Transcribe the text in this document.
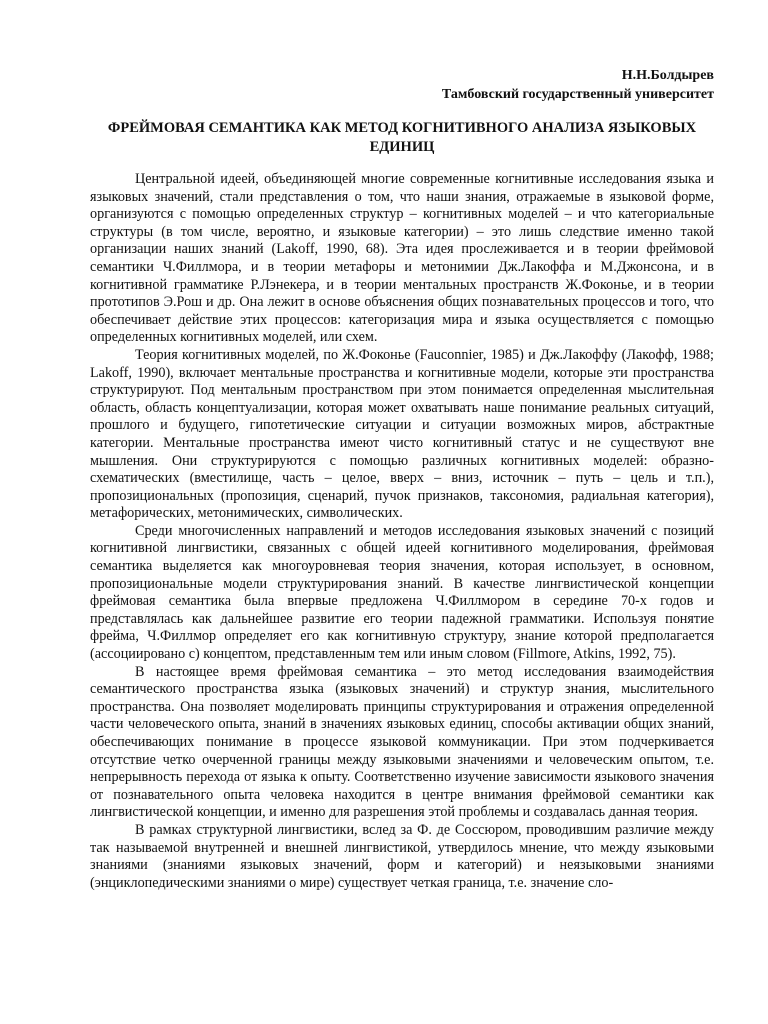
Н.Н.Болдырев
Тамбовский государственный университет
ФРЕЙМОВАЯ СЕМАНТИКА КАК МЕТОД КОГНИТИВНОГО АНАЛИЗА ЯЗЫКОВЫХ ЕДИНИЦ

Центральной идеей, объединяющей многие современные когнитивные исследования языка и языковых значений, стали представления о том, что наши знания, отражаемые в языковой форме, организуются с помощью определенных структур – когнитивных моделей – и что категориальные структуры (в том числе, вероятно, и языковые категории) – это лишь следствие именно такой организации наших знаний (Lakoff, 1990, 68). Эта идея прослеживается и в теории фреймовой семантики Ч.Филлмора, и в теории метафоры и метонимии Дж.Лакоффа и М.Джонсона, и в когнитивной грамматике Р.Лэнекера, и в теории ментальных пространств Ж.Фоконье, и в теории прототипов Э.Рош и др. Она лежит в основе объяснения общих познавательных процессов и того, что обеспечивает действие этих процессов: категоризация мира и языка осуществляется с помощью определенных когнитивных моделей, или схем.

Теория когнитивных моделей, по Ж.Фоконье (Fauconnier, 1985) и Дж.Лакоффу (Лакофф, 1988; Lakoff, 1990), включает ментальные пространства и когнитивные модели, которые эти пространства структурируют. Под ментальным пространством при этом понимается определенная мыслительная область, область концептуализации, которая может охватывать наше понимание реальных ситуаций, прошлого и будущего, гипотетические ситуации и ситуации возможных миров, абстрактные категории. Ментальные пространства имеют чисто когнитивный статус и не существуют вне мышления. Они структурируются с помощью различных когнитивных моделей: образно-схематических (вместилище, часть – целое, вверх – вниз, источник – путь – цель и т.п.), пропозициональных (пропозиция, сценарий, пучок признаков, таксономия, радиальная категория), метафорических, метонимических, символических.

Среди многочисленных направлений и методов исследования языковых значений с позиций когнитивной лингвистики, связанных с общей идеей когнитивного моделирования, фреймовая семантика выделяется как многоуровневая теория значения, которая использует, в основном, пропозициональные модели структурирования знаний. В качестве лингвистической концепции фреймовая семантика была впервые предложена Ч.Филлмором в середине 70-х годов и представлялась как дальнейшее развитие его теории падежной грамматики. Используя понятие фрейма, Ч.Филлмор определяет его как когнитивную структуру, знание которой предполагается (ассоциировано с) концептом, представленным тем или иным словом (Fillmore, Atkins, 1992, 75).

В настоящее время фреймовая семантика – это метод исследования взаимодействия семантического пространства языка (языковых значений) и структур знания, мыслительного пространства. Она позволяет моделировать принципы структурирования и отражения определенной части человеческого опыта, знаний в значениях языковых единиц, способы активации общих знаний, обеспечивающих понимание в процессе языковой коммуникации. При этом подчеркивается отсутствие четко очерченной границы между языковыми значениями и человеческим опытом, т.е. непрерывность перехода от языка к опыту. Соответственно изучение зависимости языкового значения от познавательного опыта человека находится в центре внимания фреймовой семантики как лингвистической концепции, и именно для разрешения этой проблемы и создавалась данная теория.

В рамках структурной лингвистики, вслед за Ф. де Соссюром, проводившим различие между так называемой внутренней и внешней лингвистикой, утвердилось мнение, что между языковыми знаниями (знаниями языковых значений, форм и категорий) и неязыковыми знаниями (энциклопедическими знаниями о мире) существует четкая граница, т.е. значение сло-
